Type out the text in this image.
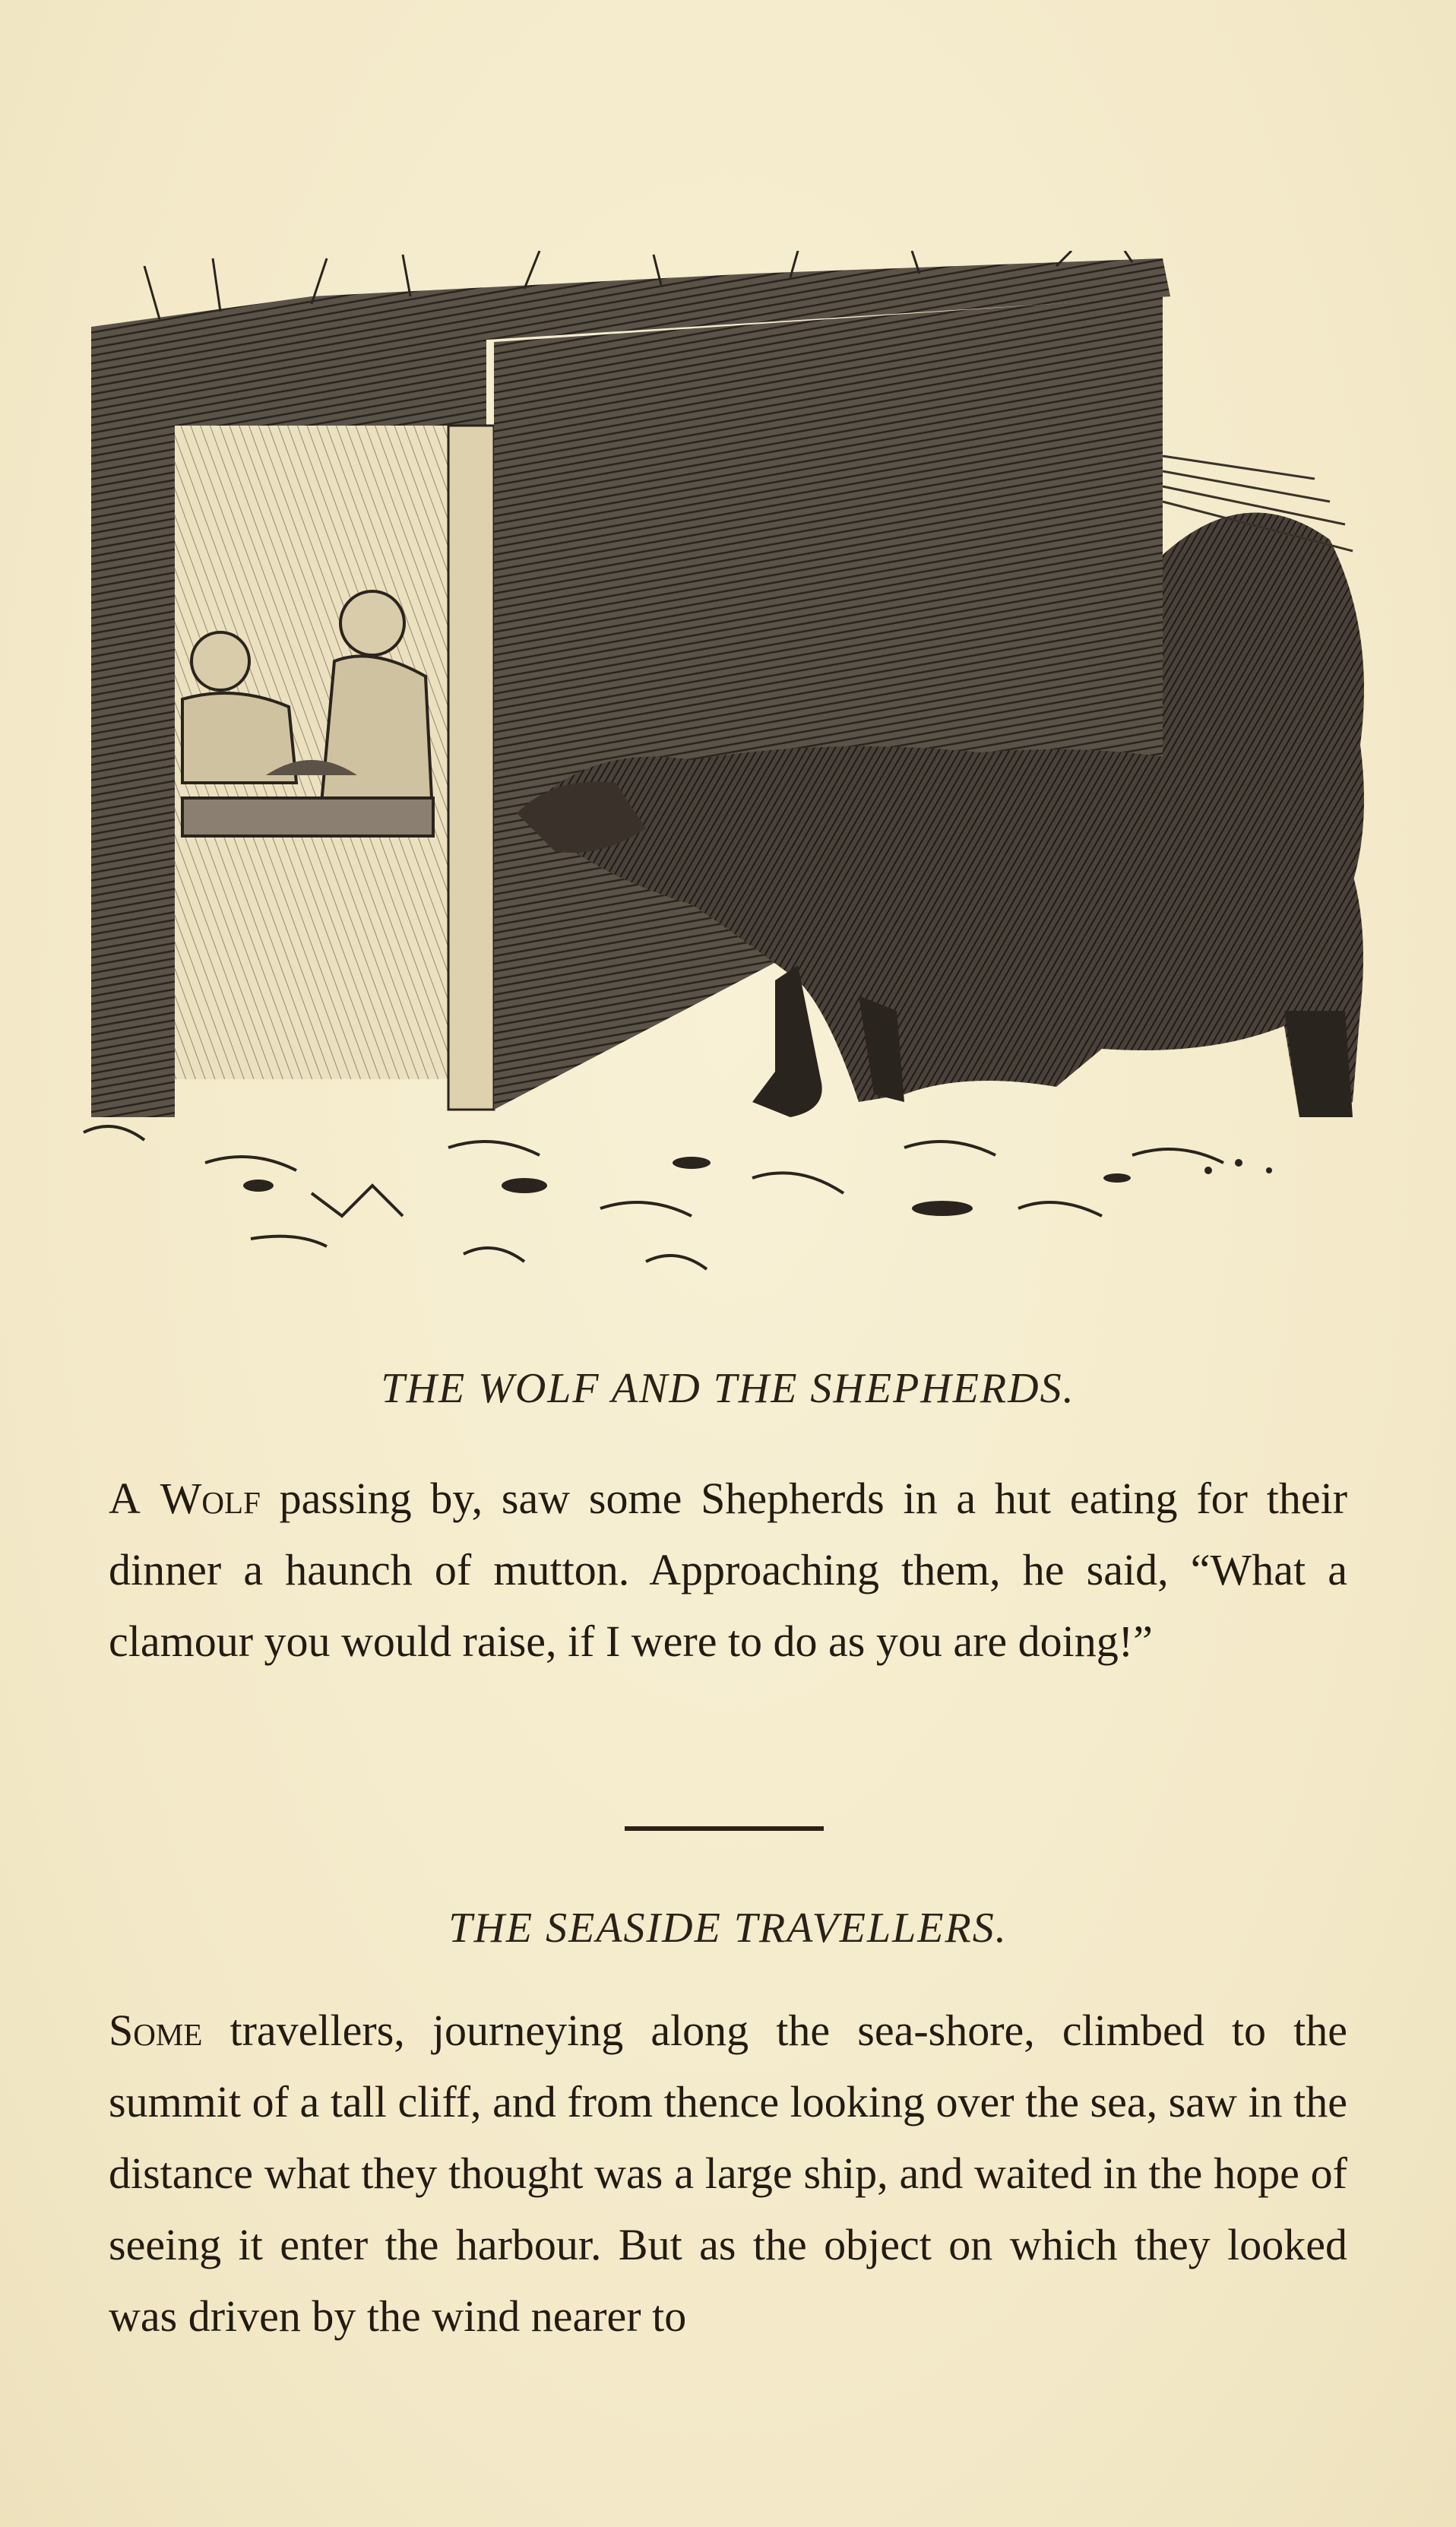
THE WOLF AND THE SHEPHERDS.

A Wolf passing by, saw some Shepherds in a hut eating for their dinner a haunch of mutton. Approaching them, he said, “What a clamour you would raise, if I were to do as you are doing!”

THE SEASIDE TRAVELLERS.

Some travellers, journeying along the sea-shore, climbed to the summit of a tall cliff, and from thence looking over the sea, saw in the distance what they thought was a large ship, and waited in the hope of seeing it enter the harbour. But as the object on which they looked was driven by the wind nearer to
